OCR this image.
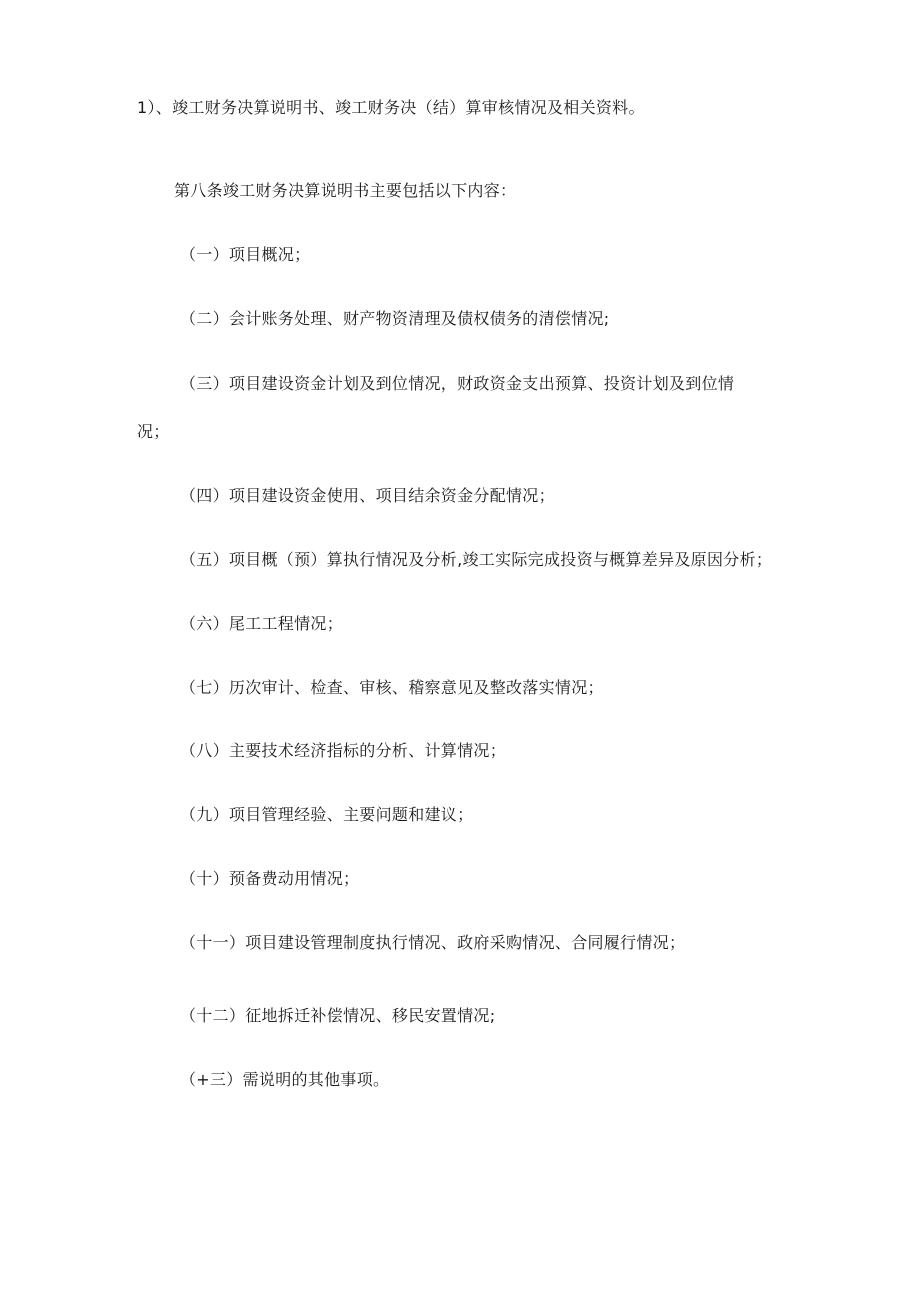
1）、竣工财务决算说明书、竣工财务决（结）算审核情况及相关资料。
第八条竣工财务决算说明书主要包括以下内容：
（一）项目概况；
（二）会计账务处理、财产物资清理及债权债务的清偿情况;
（三）项目建设资金计划及到位情况，财政资金支出预算、投资计划及到位情
况；
（四）项目建设资金使用、项目结余资金分配情况；
（五）项目概（预）算执行情况及分析,竣工实际完成投资与概算差异及原因分析；
（六）尾工工程情况；
（七）历次审计、检查、审核、稽察意见及整改落实情况；
（八）主要技术经济指标的分析、计算情况；
（九）项目管理经验、主要问题和建议；
（十）预备费动用情况；
（十一）项目建设管理制度执行情况、政府采购情况、合同履行情况；
（十二）征地拆迁补偿情况、移民安置情况;
（+三）需说明的其他事项。
